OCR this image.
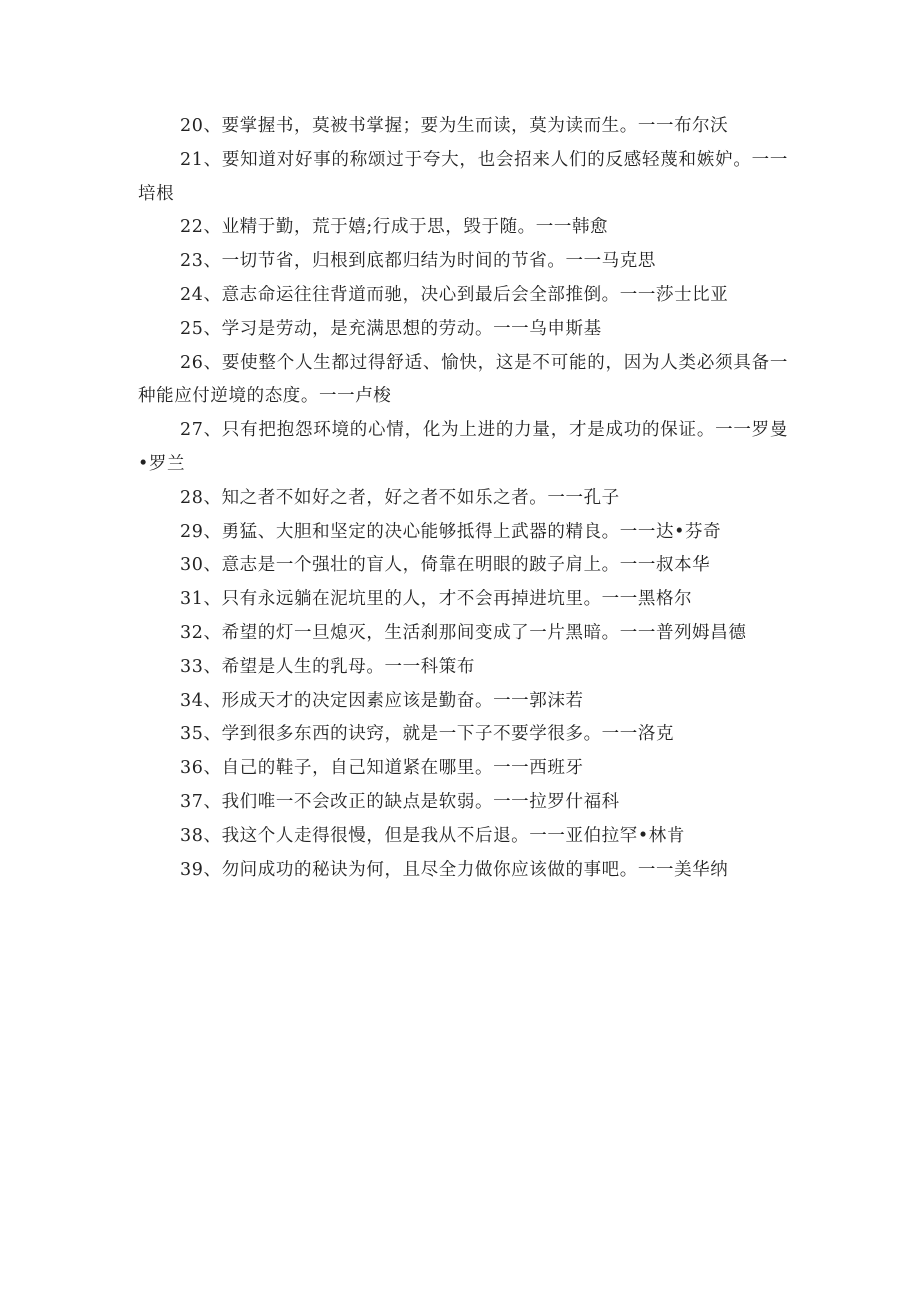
20、要掌握书，莫被书掌握；要为生而读，莫为读而生。一一布尔沃

21、要知道对好事的称颂过于夸大，也会招来人们的反感轻蔑和嫉妒。一一培根

22、业精于勤，荒于嬉;行成于思，毁于随。一一韩愈

23、一切节省，归根到底都归结为时间的节省。一一马克思

24、意志命运往往背道而驰，决心到最后会全部推倒。一一莎士比亚

25、学习是劳动，是充满思想的劳动。一一乌申斯基

26、要使整个人生都过得舒适、愉快，这是不可能的，因为人类必须具备一种能应付逆境的态度。一一卢梭

27、只有把抱怨环境的心情，化为上进的力量，才是成功的保证。一一罗曼•罗兰

28、知之者不如好之者，好之者不如乐之者。一一孔子

29、勇猛、大胆和坚定的决心能够抵得上武器的精良。一一达•芬奇

30、意志是一个强壮的盲人，倚靠在明眼的跛子肩上。一一叔本华

31、只有永远躺在泥坑里的人，才不会再掉进坑里。一一黑格尔

32、希望的灯一旦熄灭，生活刹那间变成了一片黑暗。一一普列姆昌德

33、希望是人生的乳母。一一科策布

34、形成天才的决定因素应该是勤奋。一一郭沫若

35、学到很多东西的诀窍，就是一下子不要学很多。一一洛克

36、自己的鞋子，自己知道紧在哪里。一一西班牙

37、我们唯一不会改正的缺点是软弱。一一拉罗什福科

38、我这个人走得很慢，但是我从不后退。一一亚伯拉罕•林肯

39、勿问成功的秘诀为何，且尽全力做你应该做的事吧。一一美华纳
